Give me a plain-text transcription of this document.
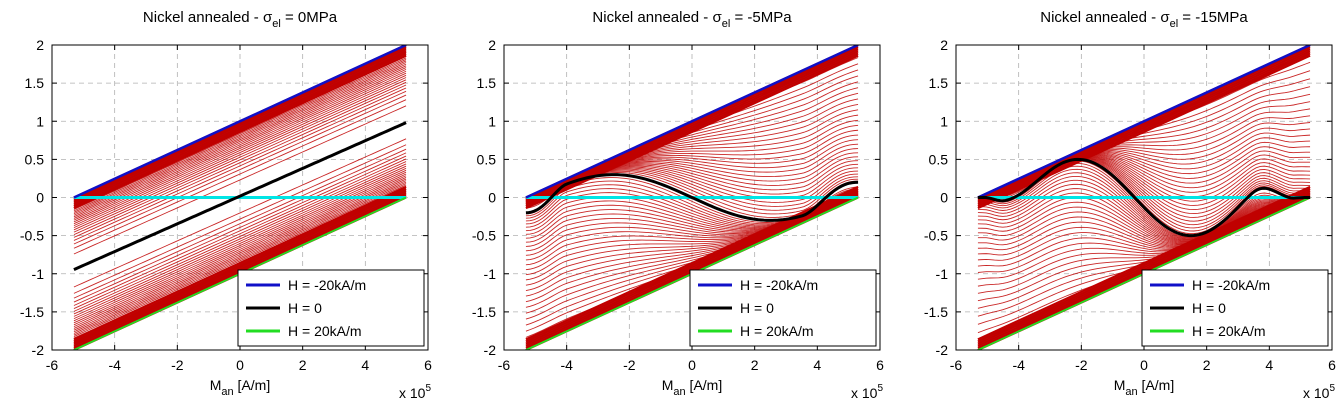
-6	-4	-2	0	2	4	6
-2
-1.5
-1
-0.5
0
0.5
1
1.5
2
Nickel annealed - $\sigma_{el} = 0MPa$
$M_{an}$ [A/m]	x $10^5$
H = -20kA/m
H = 0
H = 20kA/m
-6	-4	-2	0	2	4	6
-2
-1.5
-1
-0.5
0
0.5
1
1.5
2
Nickel annealed - $\sigma_{el} = -5MPa$
$M_{an}$ [A/m]	x $10^5$
H = -20kA/m
H = 0
H = 20kA/m
-6	-4	-2	0	2	4	6
-2
-1.5
-1
-0.5
0
0.5
1
1.5
2
Nickel annealed - $\sigma_{el} = -15MPa$
$M_{an}$ [A/m]	x $10^5$
H = -20kA/m
H = 0
H = 20kA/m
